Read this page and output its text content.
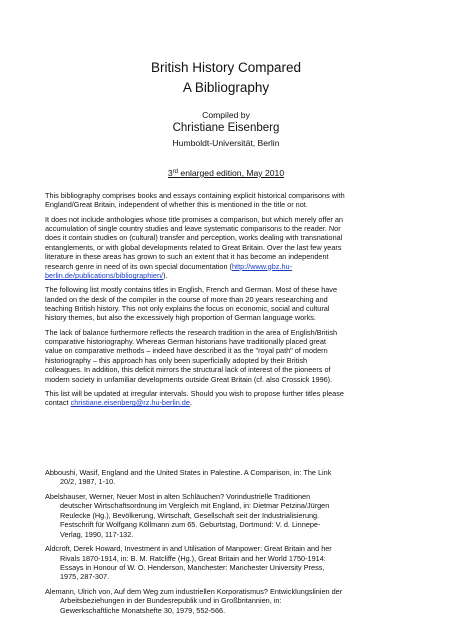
British History Compared
A Bibliography
Compiled by
Christiane Eisenberg
Humboldt-Universität, Berlin
3rd enlarged edition, May 2010

This bibliography comprises books and essays containing explicit historical comparisons with
England/Great Britain, independent of whether this is mentioned in the title or not.

It does not include anthologies whose title promises a comparison, but which merely offer an
accumulation of single country studies and leave systematic comparisons to the reader. Nor
does it contain studies on (cultural) transfer and perception, works dealing with transnational
entanglements, or with global developments related to Great Britain. Over the last few years
literature in these areas has grown to such an extent that it has become an independent
research genre in need of its own special documentation (http://www.gbz.hu-
berlin.de/publications/bibliographien/).

The following list mostly contains titles in English, French and German. Most of these have
landed on the desk of the compiler in the course of more than 20 years researching and
teaching British history. This not only explains the focus on economic, social and cultural
history themes, but also the excessively high proportion of German language works.

The lack of balance furthermore reflects the research tradition in the area of English/British
comparative historiography. Whereas German historians have traditionally placed great
value on comparative methods – indeed have described it as the "royal path" of modern
historiography – this approach has only been superficially adopted by their British
colleagues. In addition, this deficit mirrors the structural lack of interest of the pioneers of
modern society in unfamiliar developments outside Great Britain (cf. also Crossick 1996).

This list will be updated at irregular intervals. Should you wish to propose further titles please
contact christiane.eisenberg@rz.hu-berlin.de.

Abboushi, Wasif, England and the United States in Palestine. A Comparison, in: The Link
20/2, 1987, 1-10.
Abelshauser, Werner, Neuer Most in alten Schläuchen? Vorindustrielle Traditionen
deutscher Wirtschaftsordnung im Vergleich mit England, in: Dietmar Petzina/Jürgen
Reulecke (Hg.), Bevölkerung, Wirtschaft, Gesellschaft seit der Industrialisierung.
Festschrift für Wolfgang Köllmann zum 65. Geburtstag, Dortmund: V. d. Linnepe-
Verlag, 1990, 117-132.
Aldcroft, Derek Howard, Investment in and Utilisation of Manpower: Great Britain and her
Rivals 1870-1914, in: B. M. Ratcliffe (Hg.), Great Britain and her World 1750-1914:
Essays in Honour of W. O. Henderson, Manchester: Manchester University Press,
1975, 287-307.
Alemann, Ulrich von, Auf dem Weg zum industriellen Korporatismus? Entwicklungslinien der
Arbeitsbeziehungen in der Bundesrepublik und in Großbritannien, in:
Gewerkschaftliche Monatshefte 30, 1979, 552-566.
